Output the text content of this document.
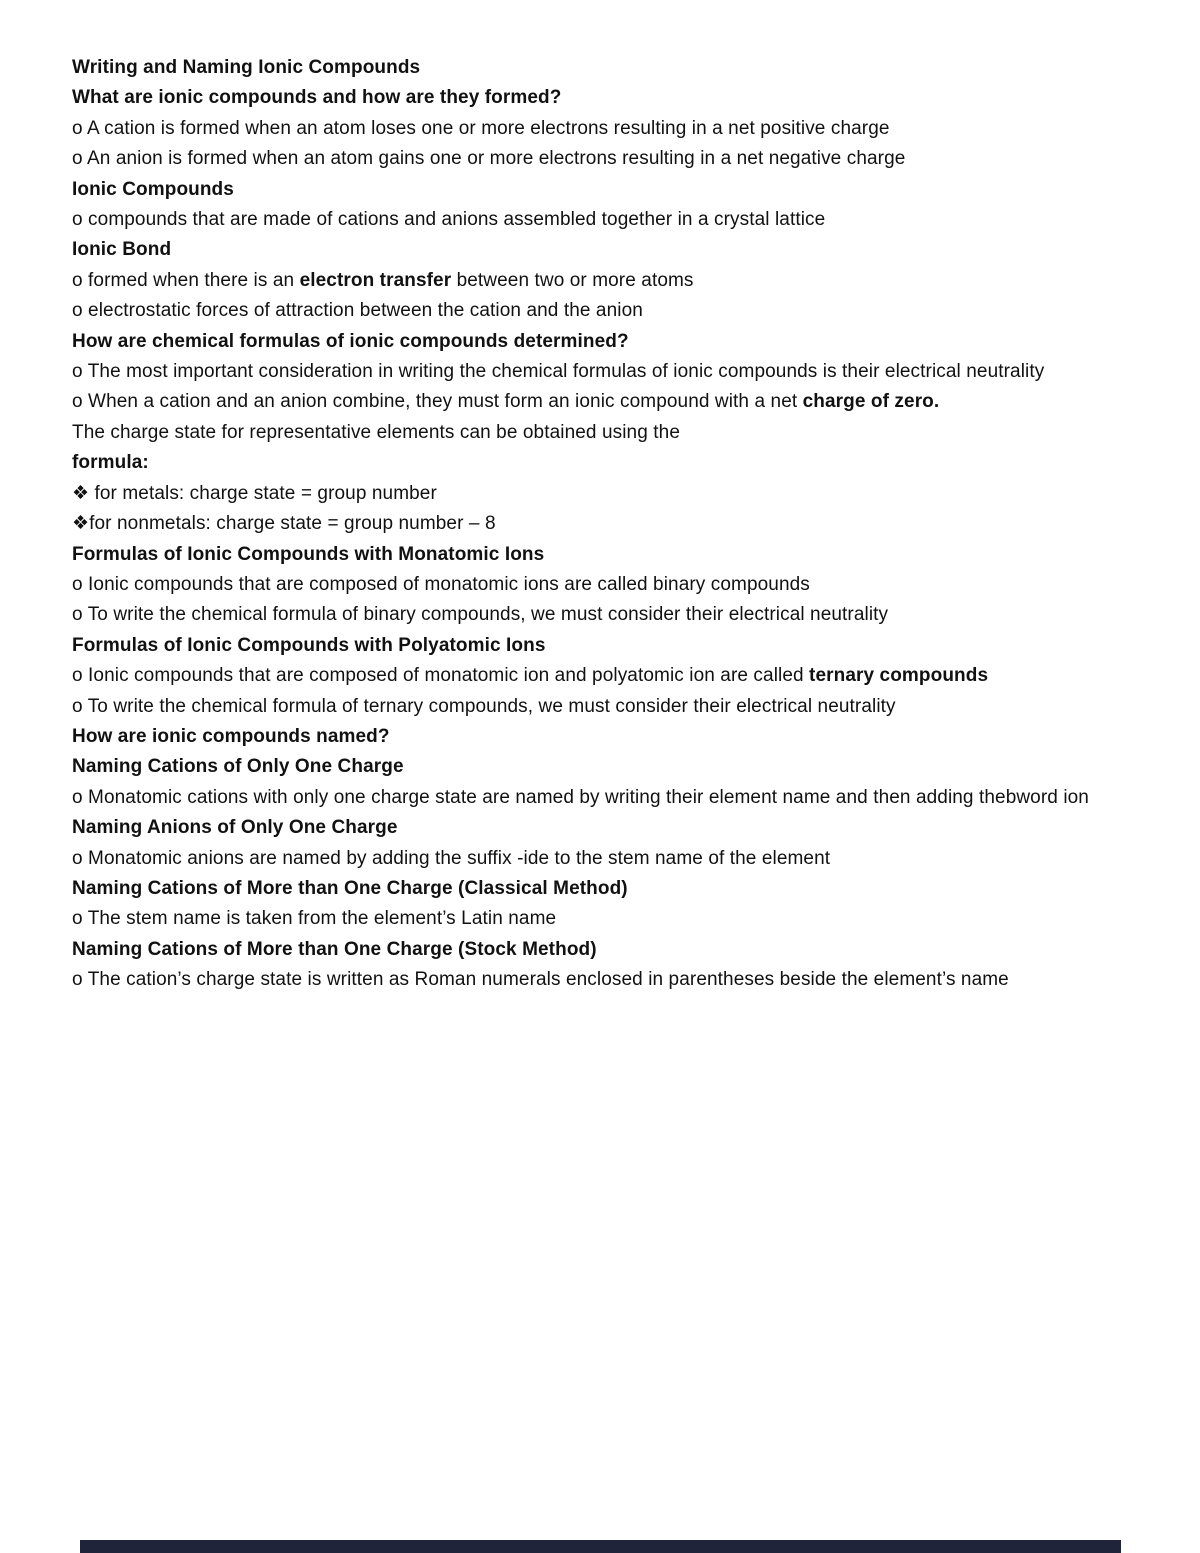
Writing and Naming Ionic Compounds
What are ionic compounds and how are they formed?
o A cation is formed when an atom loses one or more electrons resulting in a net positive charge
o An anion is formed when an atom gains one or more electrons resulting in a net negative charge
Ionic Compounds
o compounds that are made of cations and anions assembled together in a crystal lattice
Ionic Bond
o formed when there is an electron transfer between two or more atoms
o electrostatic forces of attraction between the cation and the anion
How are chemical formulas of ionic compounds determined?
o The most important consideration in writing the chemical formulas of ionic compounds is their electrical neutrality
o When a cation and an anion combine, they must form an ionic compound with a net charge of zero.
The charge state for representative elements can be obtained using the
formula:
❖ for metals: charge state = group number
❖for nonmetals: charge state = group number – 8
Formulas of Ionic Compounds with Monatomic Ions
o Ionic compounds that are composed of monatomic ions are called binary compounds
o To write the chemical formula of binary compounds, we must consider their electrical neutrality
Formulas of Ionic Compounds with Polyatomic Ions
o Ionic compounds that are composed of monatomic ion and polyatomic ion are called ternary compounds
o To write the chemical formula of ternary compounds, we must consider their electrical neutrality
How are ionic compounds named?
Naming Cations of Only One Charge
o Monatomic cations with only one charge state are named by writing their element name and then adding thebword ion
Naming Anions of Only One Charge
o Monatomic anions are named by adding the suffix -ide to the stem name of the element
Naming Cations of More than One Charge (Classical Method)
o The stem name is taken from the element’s Latin name
Naming Cations of More than One Charge (Stock Method)
o The cation’s charge state is written as Roman numerals enclosed in parentheses beside the element’s name
